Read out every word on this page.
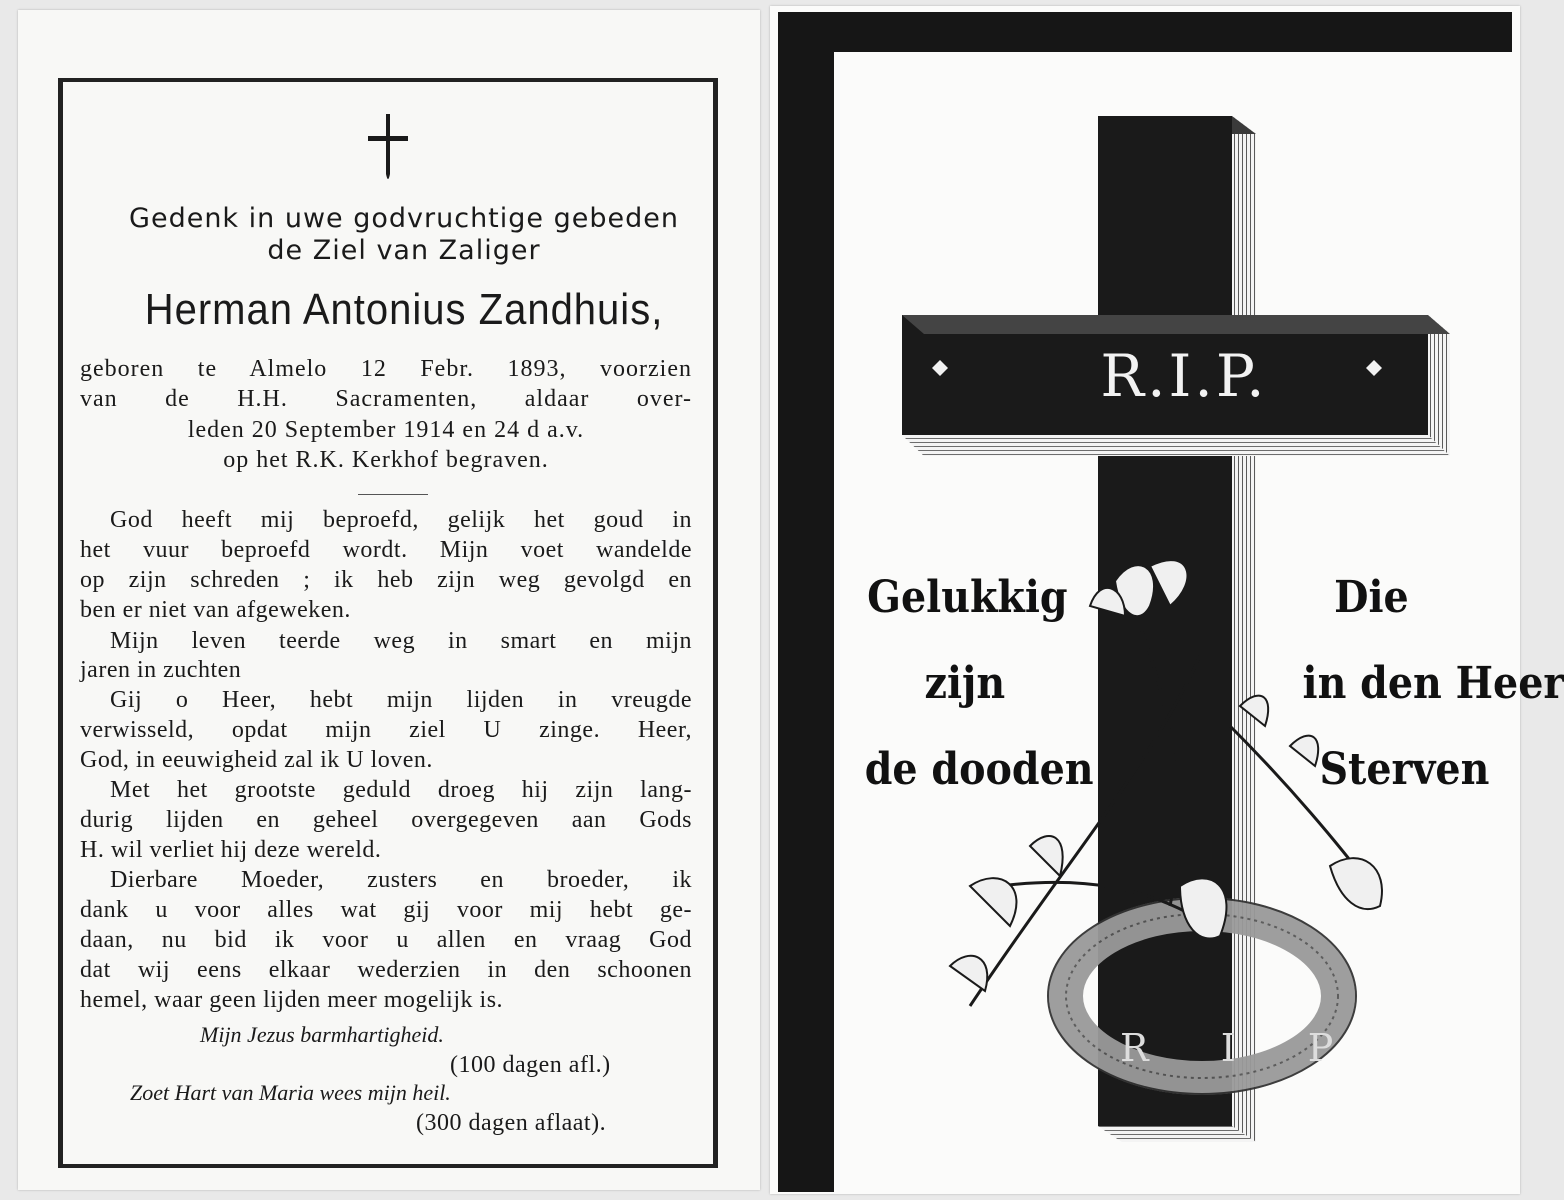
Gedenk in uwe godvruchtige gebeden
de Ziel van Zaliger
Herman Antonius Zandhuis,
geboren te Almelo 12 Febr. 1893, voorzien
van de H.H. Sacramenten, aldaar over-
leden 20 September 1914 en 24 d a.v.
op het R.K. Kerkhof begraven.
God heeft mij beproefd, gelijk het goud in
het vuur beproefd wordt. Mijn voet wandelde
op zijn schreden ; ik heb zijn weg gevolgd en
ben er niet van afgeweken.
Mijn leven teerde weg in smart en mijn
jaren in zuchten
Gij o Heer, hebt mijn lijden in vreugde
verwisseld, opdat mijn ziel U zinge. Heer,
God, in eeuwigheid zal ik U loven.
Met het grootste geduld droeg hij zijn lang-
durig lijden en geheel overgegeven aan Gods
H. wil verliet hij deze wereld.
Dierbare Moeder, zusters en broeder, ik
dank u voor alles wat gij voor mij hebt ge-
daan, nu bid ik voor u allen en vraag God
dat wij eens elkaar wederzien in den schoonen
hemel, waar geen lijden meer mogelijk is.
Mijn Jezus barmhartigheid.
(100 dagen afl.)
Zoet Hart van Maria wees mijn heil.
(300 dagen aflaat).
R.I.P.
Gelukkig
zijn
de dooden
Die
in den Heer
Sterven
R I P
